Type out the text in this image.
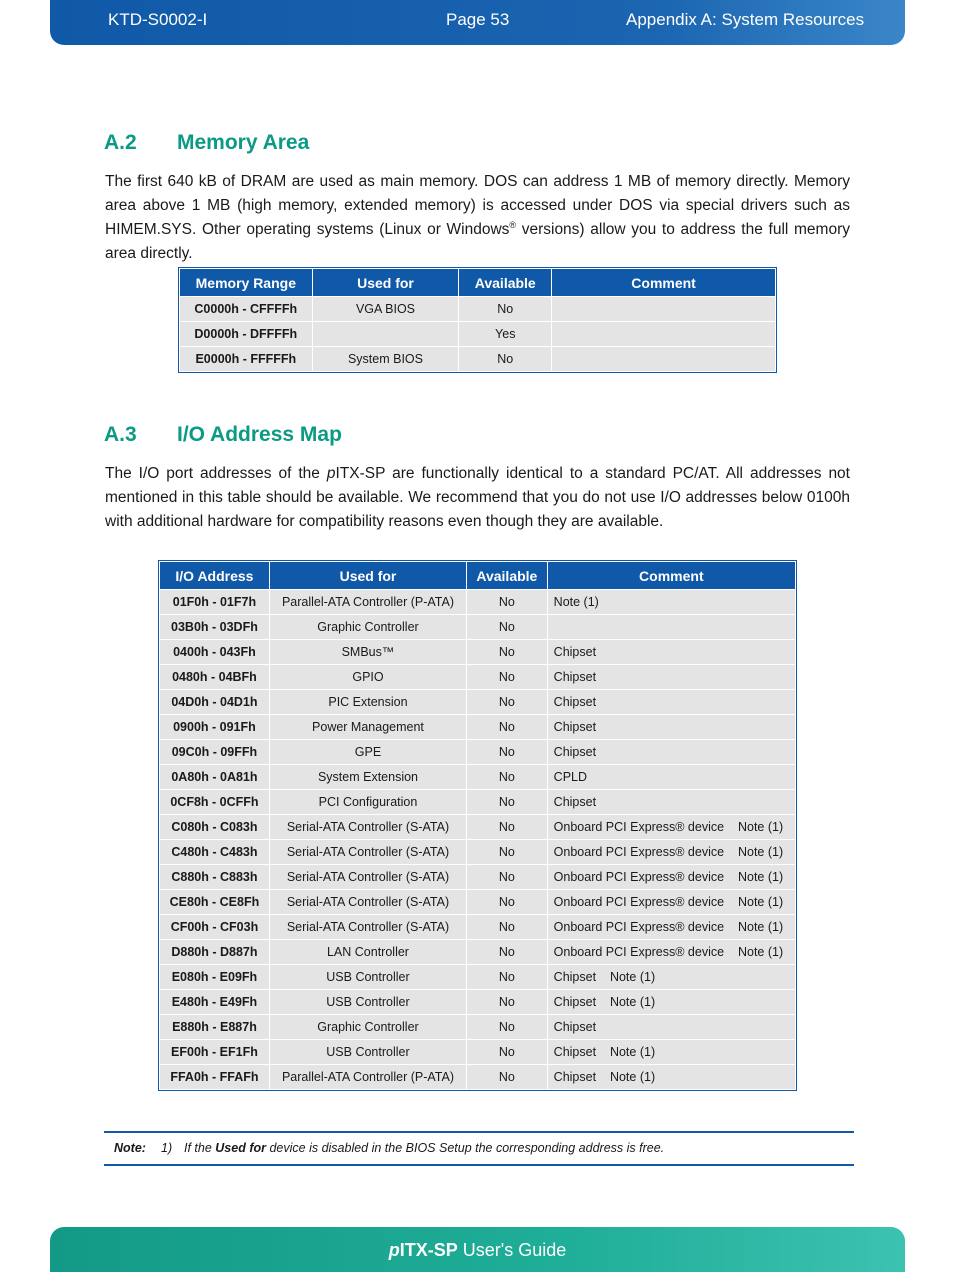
KTD-S0002-I	Page 53	Appendix A: System Resources
A.2 Memory Area

The first 640 kB of DRAM are used as main memory. DOS can address 1 MB of memory directly. Memory area above 1 MB (high memory, extended memory) is accessed under DOS via special drivers such as HIMEM.SYS. Other operating systems (Linux or Windows® versions) allow you to address the full memory area directly.

Memory Range	Used for	Available	Comment
C0000h - CFFFFh	VGA BIOS	No	
D0000h - DFFFFh		Yes	
E0000h - FFFFFh	System BIOS	No	
A.3 I/O Address Map

The I/O port addresses of the pITX-SP are functionally identical to a standard PC/AT. All addresses not mentioned in this table should be available. We recommend that you do not use I/O addresses below 0100h with additional hardware for compatibility reasons even though they are available.

I/O Address	Used for	Available	Comment
01F0h - 01F7h	Parallel-ATA Controller (P-ATA)	No	Note (1)
03B0h - 03DFh	Graphic Controller	No	
0400h - 043Fh	SMBus™	No	Chipset
0480h - 04BFh	GPIO	No	Chipset
04D0h - 04D1h	PIC Extension	No	Chipset
0900h - 091Fh	Power Management	No	Chipset
09C0h - 09FFh	GPE	No	Chipset
0A80h - 0A81h	System Extension	No	CPLD
0CF8h - 0CFFh	PCI Configuration	No	Chipset
C080h - C083h	Serial-ATA Controller (S-ATA)	No	Onboard PCI Express® device    Note (1)
C480h - C483h	Serial-ATA Controller (S-ATA)	No	Onboard PCI Express® device    Note (1)
C880h - C883h	Serial-ATA Controller (S-ATA)	No	Onboard PCI Express® device    Note (1)
CE80h - CE8Fh	Serial-ATA Controller (S-ATA)	No	Onboard PCI Express® device    Note (1)
CF00h - CF03h	Serial-ATA Controller (S-ATA)	No	Onboard PCI Express® device    Note (1)
D880h - D887h	LAN Controller	No	Onboard PCI Express® device    Note (1)
E080h - E09Fh	USB Controller	No	Chipset    Note (1)
E480h - E49Fh	USB Controller	No	Chipset    Note (1)
E880h - E887h	Graphic Controller	No	Chipset
EF00h - EF1Fh	USB Controller	No	Chipset    Note (1)
FFA0h - FFAFh	Parallel-ATA Controller (P-ATA)	No	Chipset    Note (1)
Note: 1) If the Used for device is disabled in the BIOS Setup the corresponding address is free.
pITX-SP User's Guide
